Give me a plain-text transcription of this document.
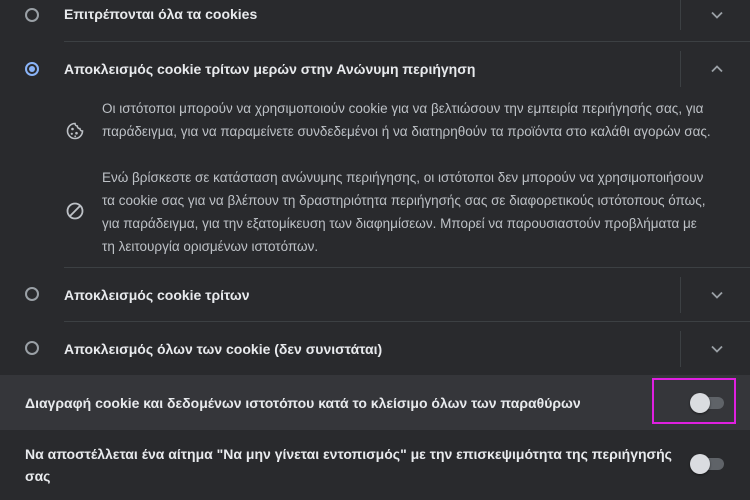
Επιτρέπονται όλα τα cookies
Αποκλεισμός cookie τρίτων μερών στην Ανώνυμη περιήγηση
Οι ιστότοποι μπορούν να χρησιμοποιούν cookie για να βελτιώσουν την εμπειρία περιήγησής σας, για παράδειγμα, για να παραμείνετε συνδεδεμένοι ή να διατηρηθούν τα προϊόντα στο καλάθι αγορών σας.
Ενώ βρίσκεστε σε κατάσταση ανώνυμης περιήγησης, οι ιστότοποι δεν μπορούν να χρησιμοποιήσουν τα cookie σας για να βλέπουν τη δραστηριότητα περιήγησής σας σε διαφορετικούς ιστότοπους όπως, για παράδειγμα, για την εξατομίκευση των διαφημίσεων. Μπορεί να παρουσιαστούν προβλήματα με τη λειτουργία ορισμένων ιστοτόπων.
Αποκλεισμός cookie τρίτων
Αποκλεισμός όλων των cookie (δεν συνιστάται)
Διαγραφή cookie και δεδομένων ιστοτόπου κατά το κλείσιμο όλων των παραθύρων
Να αποστέλλεται ένα αίτημα "Να μην γίνεται εντοπισμός" με την επισκεψιμότητα της περιήγησής σας
